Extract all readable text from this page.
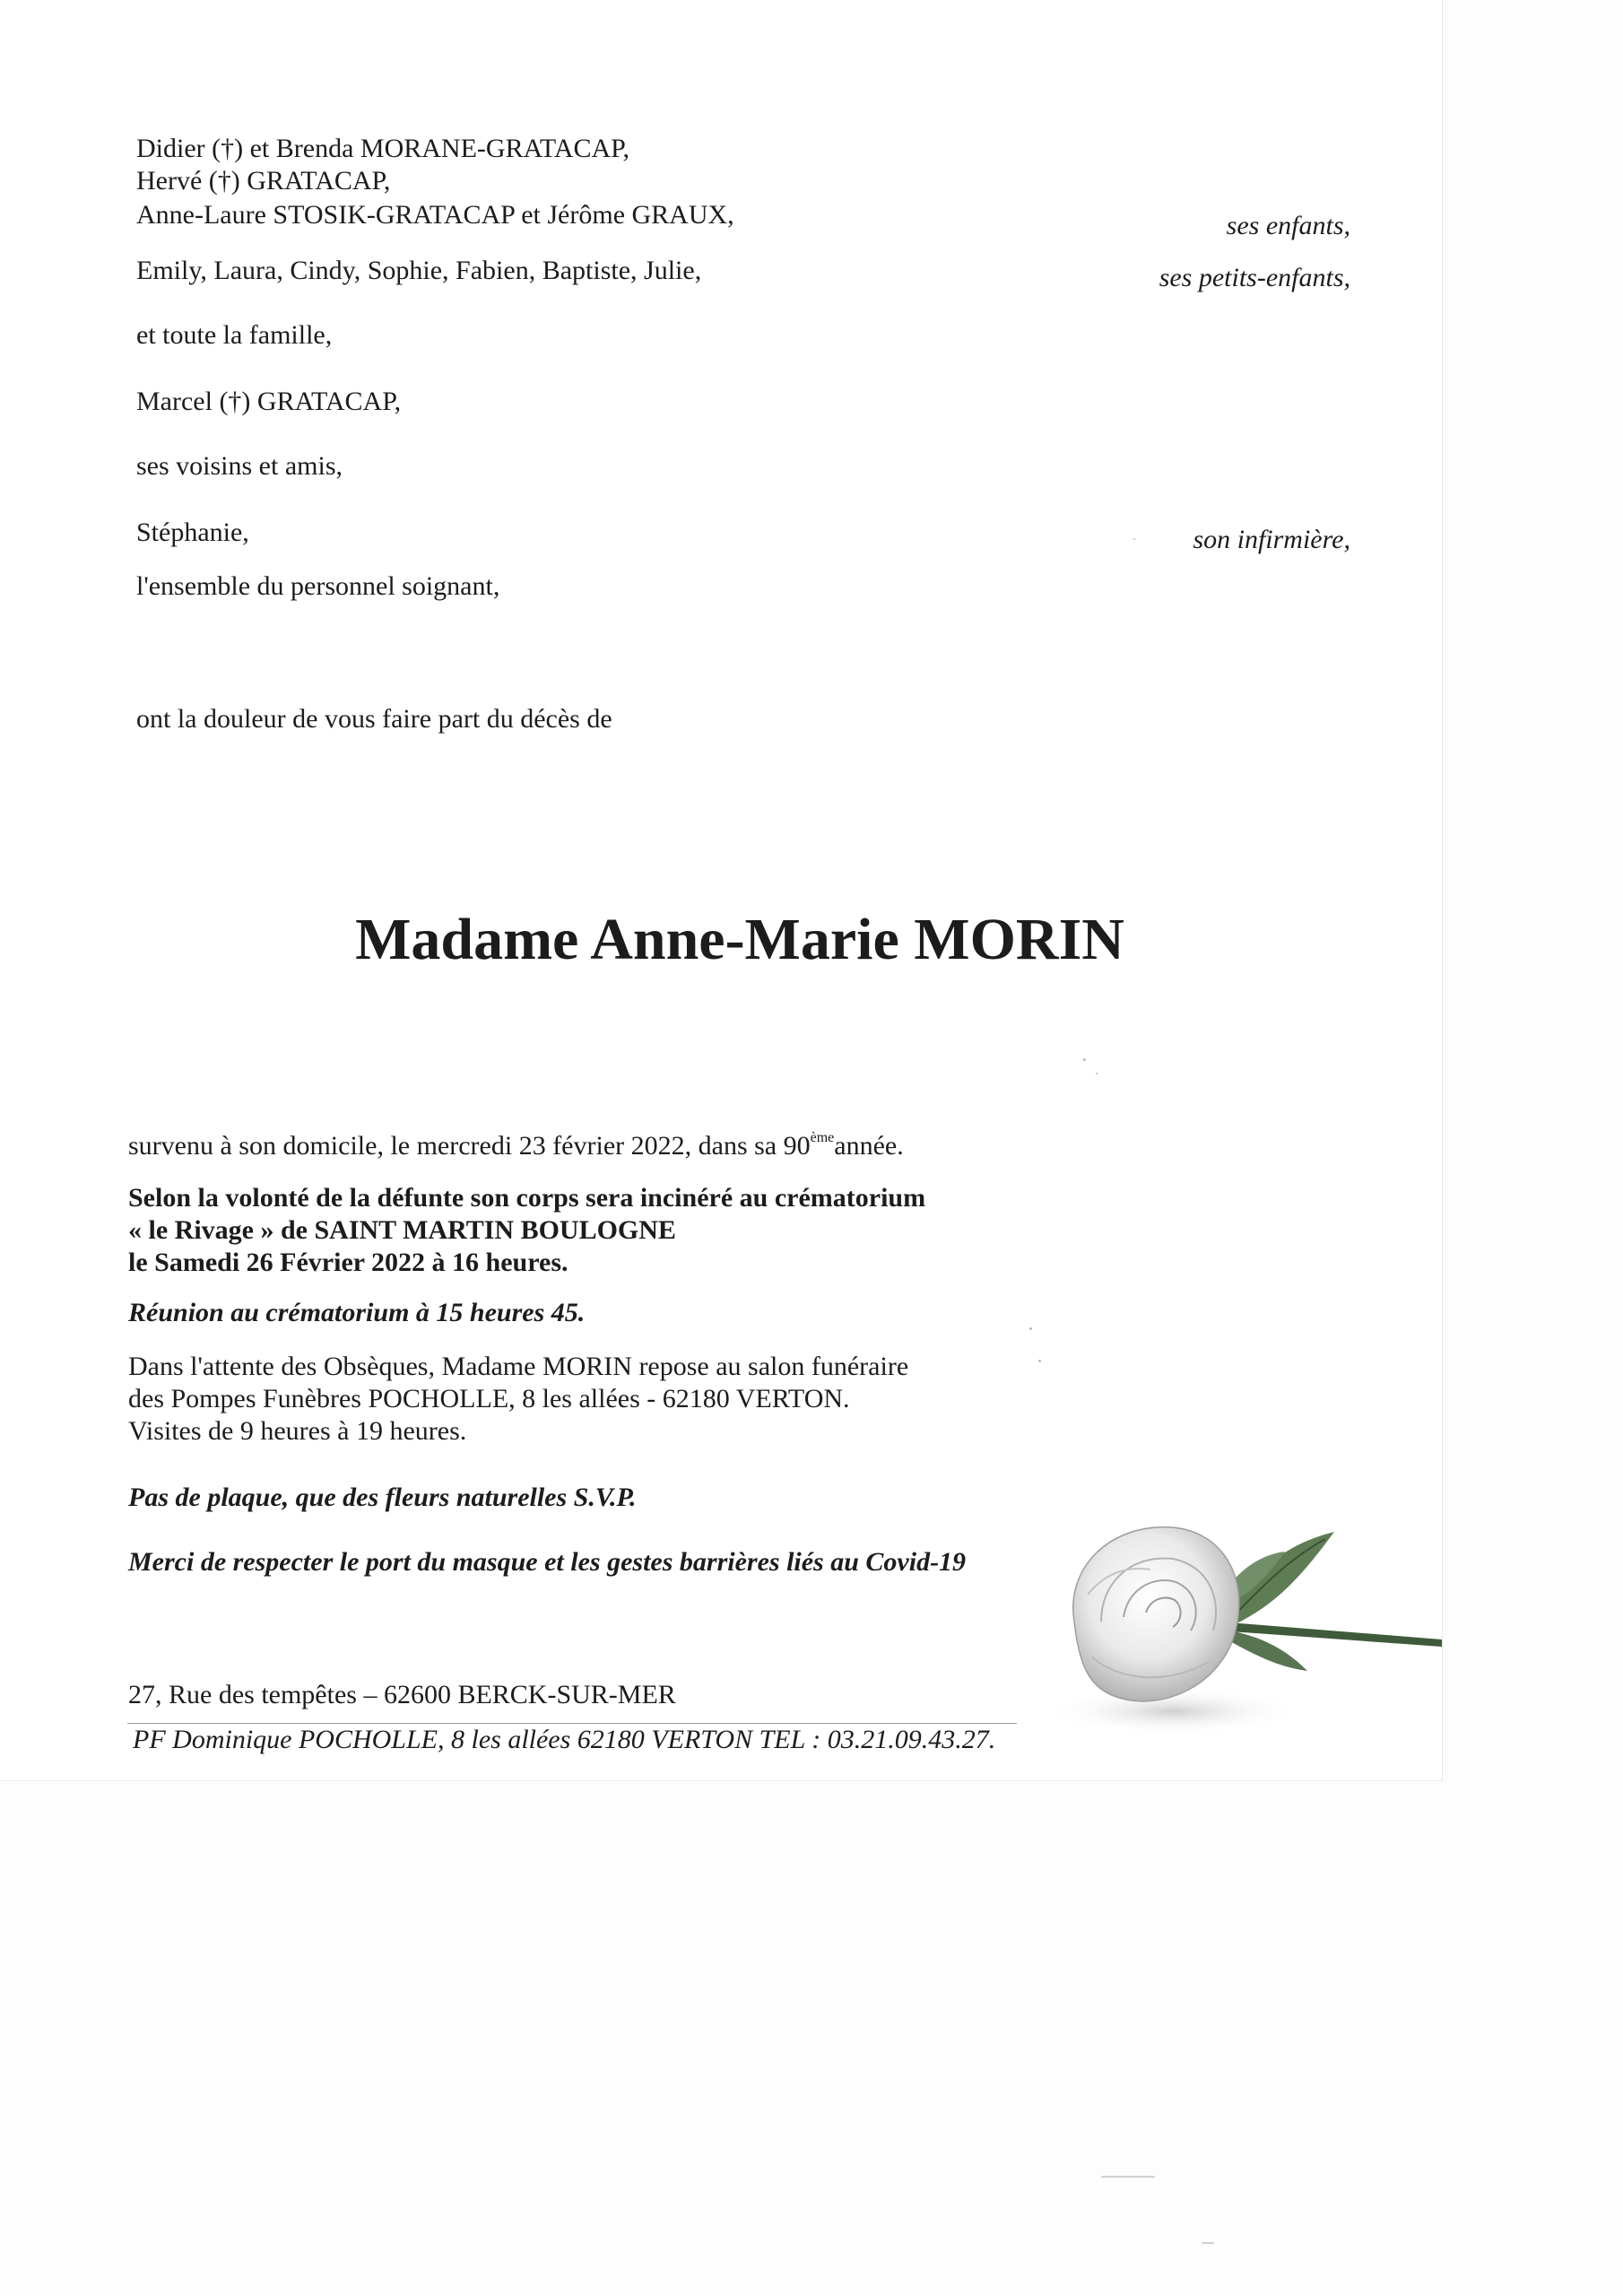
Didier (†) et Brenda MORANE-GRATACAP,
Hervé (†) GRATACAP,
Anne-Laure STOSIK-GRATACAP et Jérôme GRAUX,	ses enfants,
Emily, Laura, Cindy, Sophie, Fabien, Baptiste, Julie,	ses petits-enfants,
et toute la famille,
Marcel (†) GRATACAP,
ses voisins et amis,
Stéphanie,	son infirmière,
l'ensemble du personnel soignant,
ont la douleur de vous faire part du décès de
Madame Anne-Marie MORIN
survenu à son domicile, le mercredi 23 février 2022, dans sa 90èmeannée.
Selon la volonté de la défunte son corps sera incinéré au crématorium
« le Rivage » de SAINT MARTIN BOULOGNE
le Samedi 26 Février 2022 à 16 heures.
Réunion au crématorium à 15 heures 45.
Dans l'attente des Obsèques, Madame MORIN repose au salon funéraire
des Pompes Funèbres POCHOLLE, 8 les allées - 62180 VERTON.
Visites de 9 heures à 19 heures.
Pas de plaque, que des fleurs naturelles S.V.P.
Merci de respecter le port du masque et les gestes barrières liés au Covid-19
27, Rue des tempêtes – 62600 BERCK-SUR-MER
PF Dominique POCHOLLE, 8 les allées 62180 VERTON TEL : 03.21.09.43.27.
